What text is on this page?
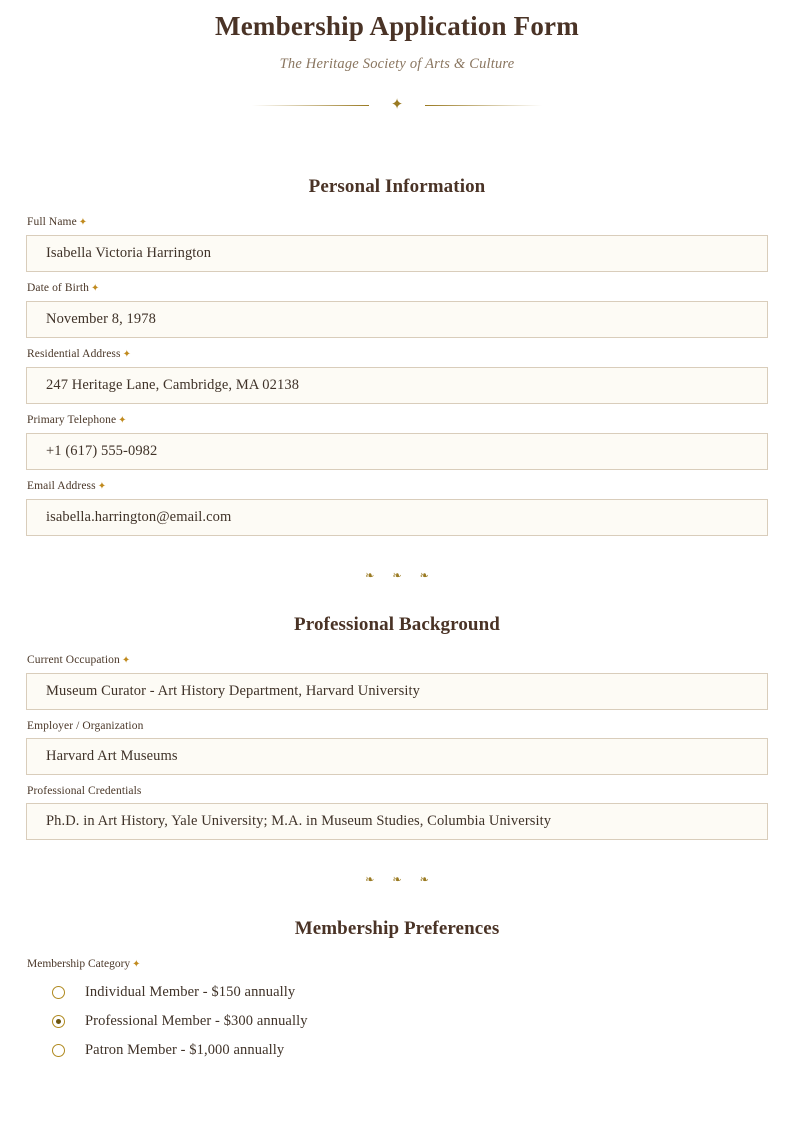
Membership Application Form

The Heritage Society of Arts & Culture

✦
Personal Information
Full Name ✦
Isabella Victoria Harrington
Date of Birth ✦
November 8, 1978
Residential Address ✦
247 Heritage Lane, Cambridge, MA 02138
Primary Telephone ✦
+1 (617) 555-0982
Email Address ✦
isabella.harrington@email.com
❧ ❧ ❧
Professional Background
Current Occupation ✦
Museum Curator - Art History Department, Harvard University
Employer / Organization
Harvard Art Museums
Professional Credentials
Ph.D. in Art History, Yale University; M.A. in Museum Studies, Columbia University
❧ ❧ ❧
Membership Preferences
Membership Category ✦
Individual Member - $150 annually
Professional Member - $300 annually
Patron Member - $1,000 annually
